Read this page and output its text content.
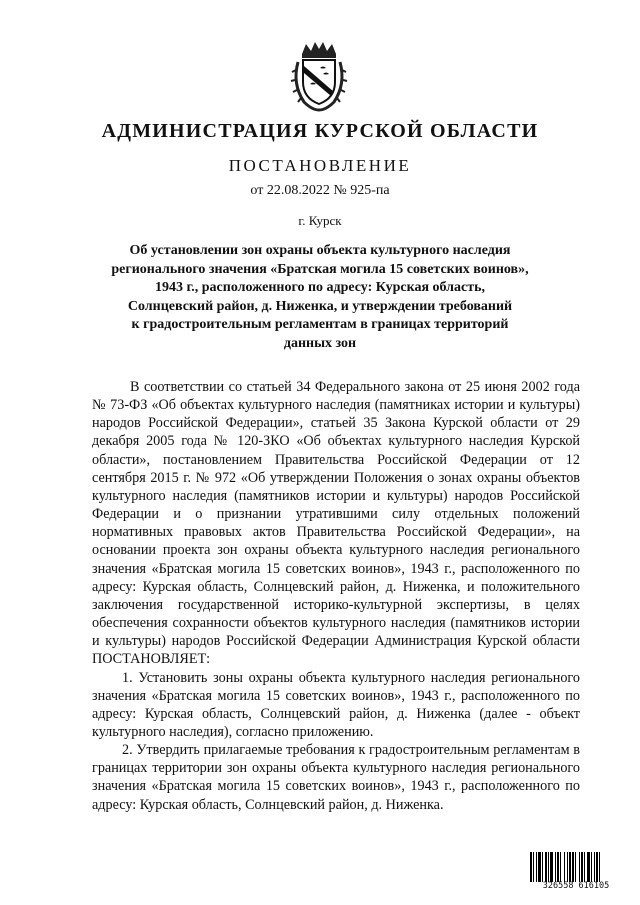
АДМИНИСТРАЦИЯ КУРСКОЙ ОБЛАСТИ
ПОСТАНОВЛЕНИЕ
от 22.08.2022 № 925-па
г. Курск
Об установлении зон охраны объекта культурного наследия
регионального значения «Братская могила 15 советских воинов»,
1943 г., расположенного по адресу: Курская область,
Солнцевский район, д. Ниженка, и утверждении требований
к градостроительным регламентам в границах территорий
данных зон

В соответствии со статьей 34 Федерального закона от 25 июня 2002 года № 73-ФЗ «Об объектах культурного наследия (памятниках истории и культуры) народов Российской Федерации», статьей 35 Закона Курской области от 29 декабря 2005 года № 120-ЗКО «Об объектах культурного наследия Курской области», постановлением Правительства Российской Федерации от 12 сентября 2015 г. № 972 «Об утверждении Положения о зонах охраны объектов культурного наследия (памятников истории и культуры) народов Российской Федерации и о признании утратившими силу отдельных положений нормативных правовых актов Правительства Российской Федерации», на основании проекта зон охраны объекта культурного наследия регионального значения «Братская могила 15 советских воинов», 1943 г., расположенного по адресу: Курская область, Солнцевский район, д. Ниженка, и положительного заключения государственной историко-культурной экспертизы, в целях обеспечения сохранности объектов культурного наследия (памятников истории и культуры) народов Российской Федерации Администрация Курской области ПОСТАНОВЛЯЕТ:

1. Установить зоны охраны объекта культурного наследия регионального значения «Братская могила 15 советских воинов», 1943 г., расположенного по адресу: Курская область, Солнцевский район, д. Ниженка (далее - объект культурного наследия), согласно приложению.

2. Утвердить прилагаемые требования к градостроительным регламентам в границах территории зон охраны объекта культурного наследия регионального значения «Братская могила 15 советских воинов», 1943 г., расположенного по адресу: Курская область, Солнцевский район, д. Ниженка.

326558 616105
